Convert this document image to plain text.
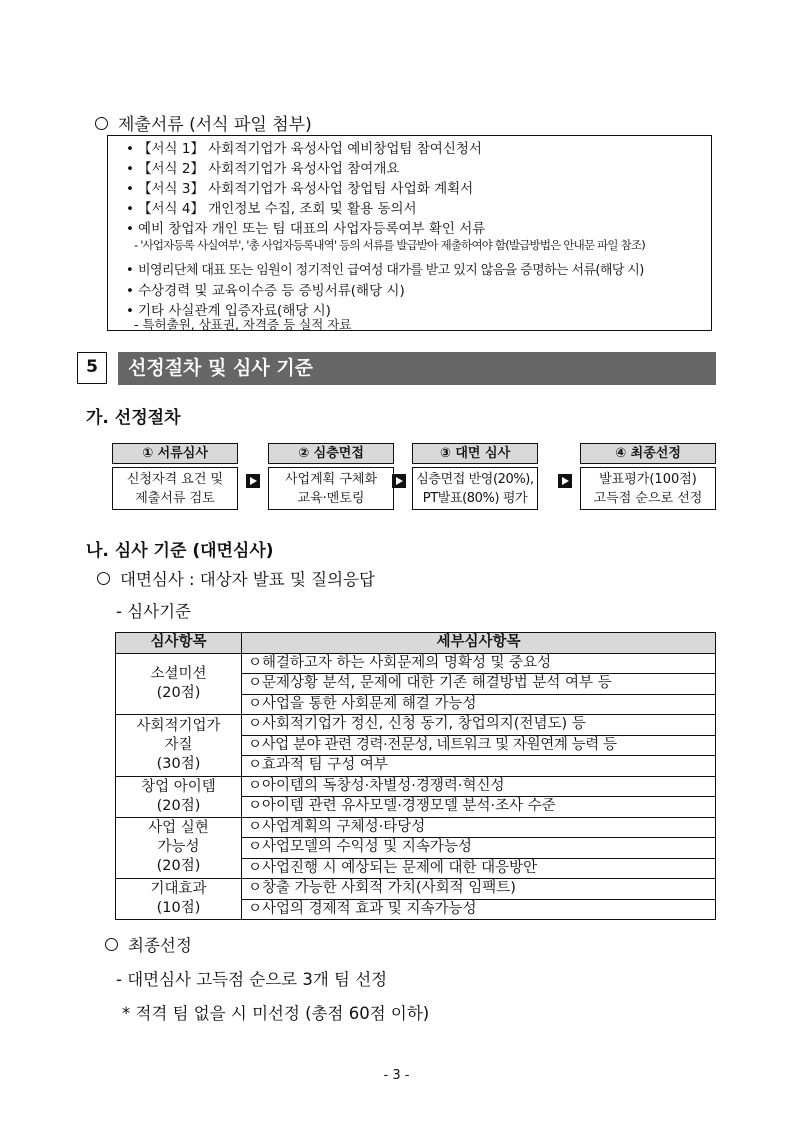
제출서류 (서식 파일 첨부)
• 【서식 1】 사회적기업가 육성사업 예비창업팀 참여신청서
• 【서식 2】 사회적기업가 육성사업 참여개요
• 【서식 3】 사회적기업가 육성사업 창업팀 사업화 계획서
• 【서식 4】 개인정보 수집, 조회 및 활용 동의서
• 예비 창업자 개인 또는 팀 대표의 사업자등록여부 확인 서류
- '사업자등록 사실여부', '총 사업자등록내역' 등의 서류를 발급받아 제출하여야 함(발급방법은 안내문 파일 참조)
• 비영리단체 대표 또는 임원이 정기적인 급여성 대가를 받고 있지 않음을 증명하는 서류(해당 시)
• 수상경력 및 교육이수증 등 증빙서류(해당 시)
• 기타 사실관계 입증자료(해당 시)
- 특허출원, 상표권, 자격증 등 실적 자료
5	선정절차 및 심사 기준
가. 선정절차
① 서류심사
신청자격 요건 및
제출서류 검토
② 심층면접
사업계획 구체화
교육·멘토링
③ 대면 심사
심층면접 반영(20%),
PT발표(80%) 평가
④ 최종선정
발표평가(100점)
고득점 순으로 선정
나. 심사 기준 (대면심사)
대면심사 : 대상자 발표 및 질의응답
- 심사기준
심사항목	세부심사항목

소셜미션
(20점)
	ㅇ 해결하고자 하는 사회문제의 명확성 및 중요성
ㅇ 문제상황 분석, 문제에 대한 기존 해결방법 분석 여부 등
ㅇ 사업을 통한 사회문제 해결 가능성

사회적기업가
자질
(30점)
	ㅇ 사회적기업가 정신, 신청 동기, 창업의지(전념도) 등
ㅇ 사업 분야 관련 경력·전문성, 네트워크 및 자원연계 능력 등
ㅇ 효과적 팀 구성 여부

창업 아이템
(20점)
	ㅇ 아이템의 독창성·차별성·경쟁력·혁신성
ㅇ 아이템 관련 유사모델·경쟁모델 분석·조사 수준

사업 실현
가능성
(20점)
	ㅇ 사업계획의 구체성·타당성
ㅇ 사업모델의 수익성 및 지속가능성
ㅇ 사업진행 시 예상되는 문제에 대한 대응방안

기대효과
(10점)
	ㅇ 창출 가능한 사회적 가치(사회적 임팩트)
ㅇ 사업의 경제적 효과 및 지속가능성
최종선정
- 대면심사 고득점 순으로 3개 팀 선정
* 적격 팀 없을 시 미선정 (총점 60점 이하)
- 3 -
